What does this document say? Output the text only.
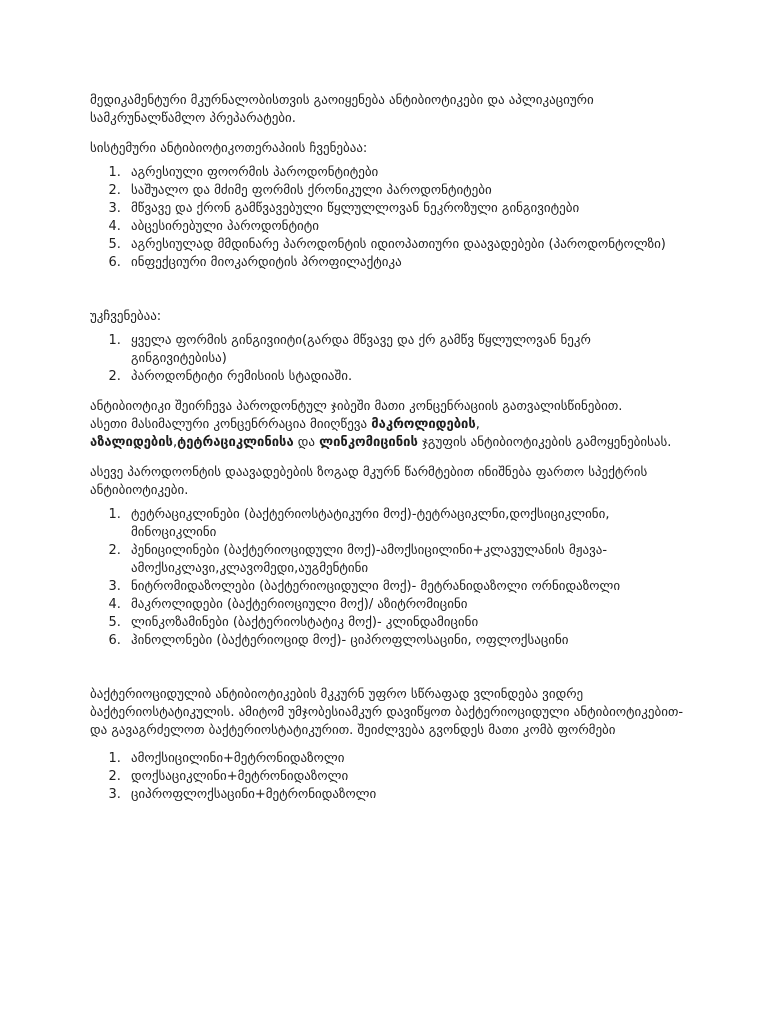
მედიკამენტური მკურნალობისთვის გაოიყენება ანტიბიოტიკები და აპლიკაციური სამკრუნალწამლო პრეპარატები.

სისტემური ანტიბიოტიკოთერაპიის ჩვენებაა:

1. აგრესიული ფოორმის პაროდონტიტები
2. საშუალო და მძიმე ფორმის ქრონიკული პაროდონტიტები
3. მწვავე და ქრონ გამწვავებული წყლულლოვან ნეკროზული გინგივიტები
4. აბცესირებული პაროდონტიტი
5. აგრესიულად მმდინარე პაროდონტის იდიოპათიური დაავადებები (პაროდონტოლზი)
6. ინფექციური მიოკარდიტის პროფილაქტიკა

უკჩვენებაა:

1. ყველა ფორმის გინგივიიტი(გარდა მწვავე და ქრ გამწვ წყლულოვან ნეკრ გინგივიტებისა)
2. პაროდონტიტი რემისიის სტადიაში.

ანტიბიოტიკი შეირჩევა პაროდონტულ ჯიბეში მათი კონცენრაციის გათვალისწინებით.
ასეთი მასიმალური კონცენრრაცია მიიღწევა მაკროლიდების,
აზალიდების,ტეტრაციკლინისა და ლინკომიცინის ჯგუფის ანტიბიოტიკების გამოყენებისას.

ასევე პაროდოონტის დაავადებების ზოგად მკურნ წარმტებით ინიშნება ფართო სპექტრის ანტიბიოტიკები.

1. ტეტრაციკლინები (ბაქტერიოსტატიკური მოქ)-ტეტრაციკლნი,დოქსიციკლინი, მინოციკლინი
2. პენიცილინები (ბაქტერიოციდული მოქ)-ამოქსიცილინი+კლავულანის მჟავა-ამოქსიკლავი,კლავომედი,აუგმენტინი
3. ნიტრომიდაზოლები (ბაქტერიოციდული მოქ)- მეტრანიდაზოლი ორნიდაზოლი
4. მაკროლიდები (ბაქტერიოციული მოქ)/ აზიტრომიცინი
5. ლინკოზამინები (ბაქტერიოსტატიკ მოქ)- კლინდამიცინი
6. ჰინოლონები (ბაქტერიოციდ მოქ)- ციპროფლოსაცინი, ოფლოქსაცინი

ბაქტერიოციდულიბ ანტიბიოტიკების მკკურნ უფრო სწრაფად ვლინდება ვიდრე ბაქტერიოსტატიკულის. ამიტომ უმჯობესიამკურ დავიწყოთ ბაქტერიოციდული ანტიბიოტიკებით- და გავაგრძელოთ ბაქტერიოსტატიკურით. შეიძლვება გვონდეს მათი კომბ ფორმები

1. ამოქსიცილინი+მეტრონიდაზოლი
2. დოქსაციკლინი+მეტრონიდაზოლი
3. ციპროფლოქსაცინი+მეტრონიდაზოლი
